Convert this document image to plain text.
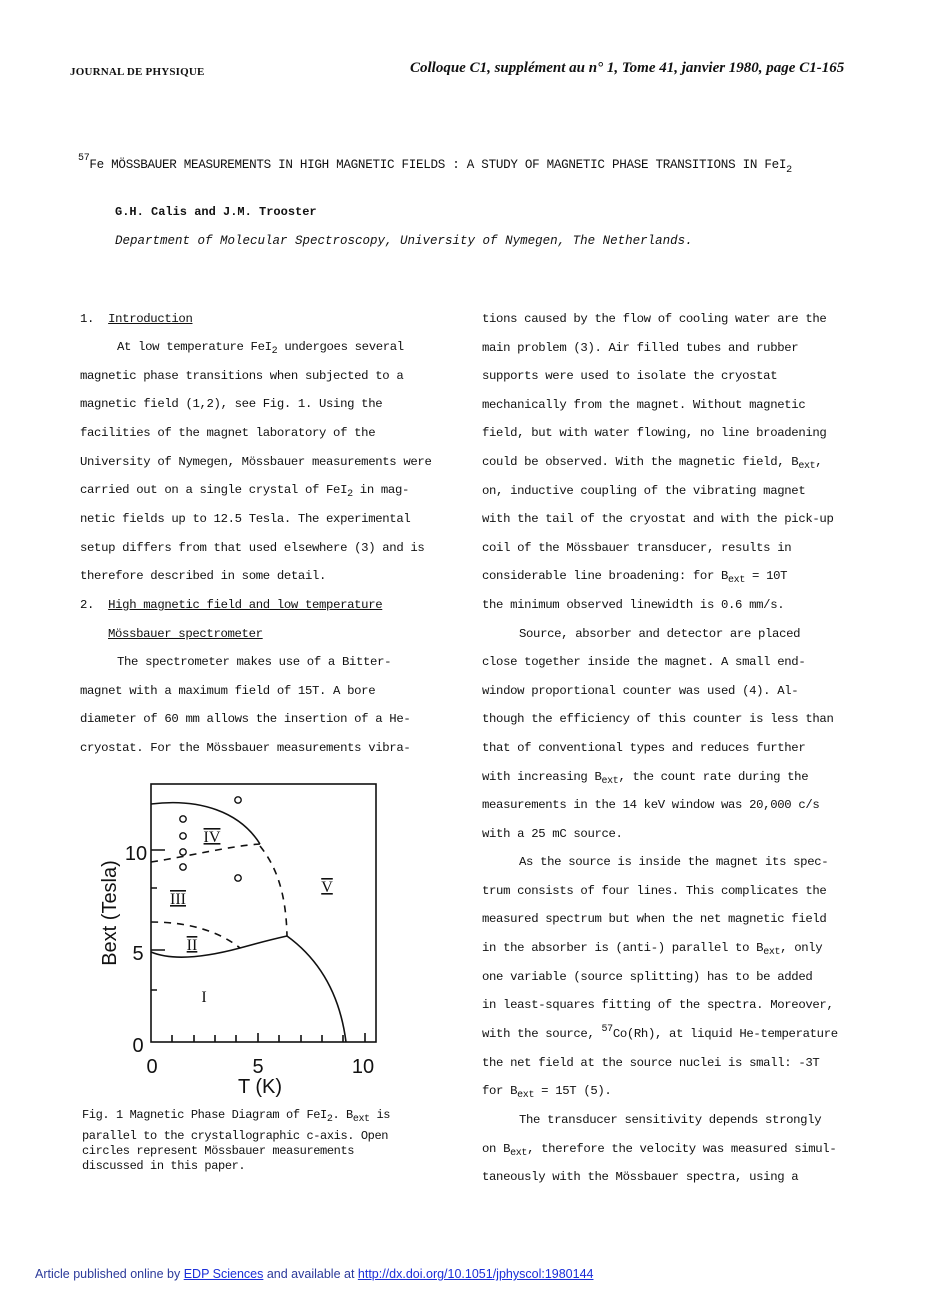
JOURNAL DE PHYSIQUE	Colloque C1, supplément au n° 1, Tome 41, janvier 1980, page C1-165
$^{57}$Fe MÖSSBAUER MEASUREMENTS IN HIGH MAGNETIC FIELDS : A STUDY OF MAGNETIC PHASE TRANSITIONS IN FeI$_2$
G.H. Calis and J.M. Trooster
Department of Molecular Spectroscopy, University of Nymegen, The Netherlands.
1. Introduction
At low temperature FeI$_2$ undergoes several
magnetic phase transitions when subjected to a
magnetic field (1,2), see Fig. 1. Using the
facilities of the magnet laboratory of the
University of Nymegen, Mössbauer measurements were
carried out on a single crystal of FeI$_2$ in mag-
netic fields up to 12.5 Tesla. The experimental
setup differs from that used elsewhere (3) and is
therefore described in some detail.
2. High magnetic field and low temperature
Mössbauer spectrometer
The spectrometer makes use of a Bitter-
magnet with a maximum field of 15T. A bore
diameter of 60 mm allows the insertion of a He-
cryostat. For the Mössbauer measurements vibra-
I
II
III
IV
V
0
5
10
0	5	10
T (K)
Bext (Tesla)
Fig. 1 Magnetic Phase Diagram of FeI$_2$. $B_{ext}$ is
parallel to the crystallographic c-axis. Open
circles represent Mössbauer measurements
discussed in this paper.
tions caused by the flow of cooling water are the
main problem (3). Air filled tubes and rubber
supports were used to isolate the cryostat
mechanically from the magnet. Without magnetic
field, but with water flowing, no line broadening
could be observed. With the magnetic field, $B_{ext}$,
on, inductive coupling of the vibrating magnet
with the tail of the cryostat and with the pick-up
coil of the Mössbauer transducer, results in
considerable line broadening: for $B_{ext} = 10T$
the minimum observed linewidth is 0.6 mm/s.
Source, absorber and detector are placed
close together inside the magnet. A small end-
window proportional counter was used (4). Al-
though the efficiency of this counter is less than
that of conventional types and reduces further
with increasing $B_{ext}$, the count rate during the
measurements in the 14 keV window was 20,000 c/s
with a 25 mC source.
As the source is inside the magnet its spec-
trum consists of four lines. This complicates the
measured spectrum but when the net magnetic field
in the absorber is (anti-) parallel to $B_{ext}$, only
one variable (source splitting) has to be added
in least-squares fitting of the spectra. Moreover,
with the source, $^{57}$Co(Rh), at liquid He-temperature
the net field at the source nuclei is small: -3T
for $B_{ext} = 15T$ (5).
The transducer sensitivity depends strongly
on $B_{ext}$, therefore the velocity was measured simul-
taneously with the Mössbauer spectra, using a
Article published online by EDP Sciences and available at http://dx.doi.org/10.1051/jphyscol:1980144
